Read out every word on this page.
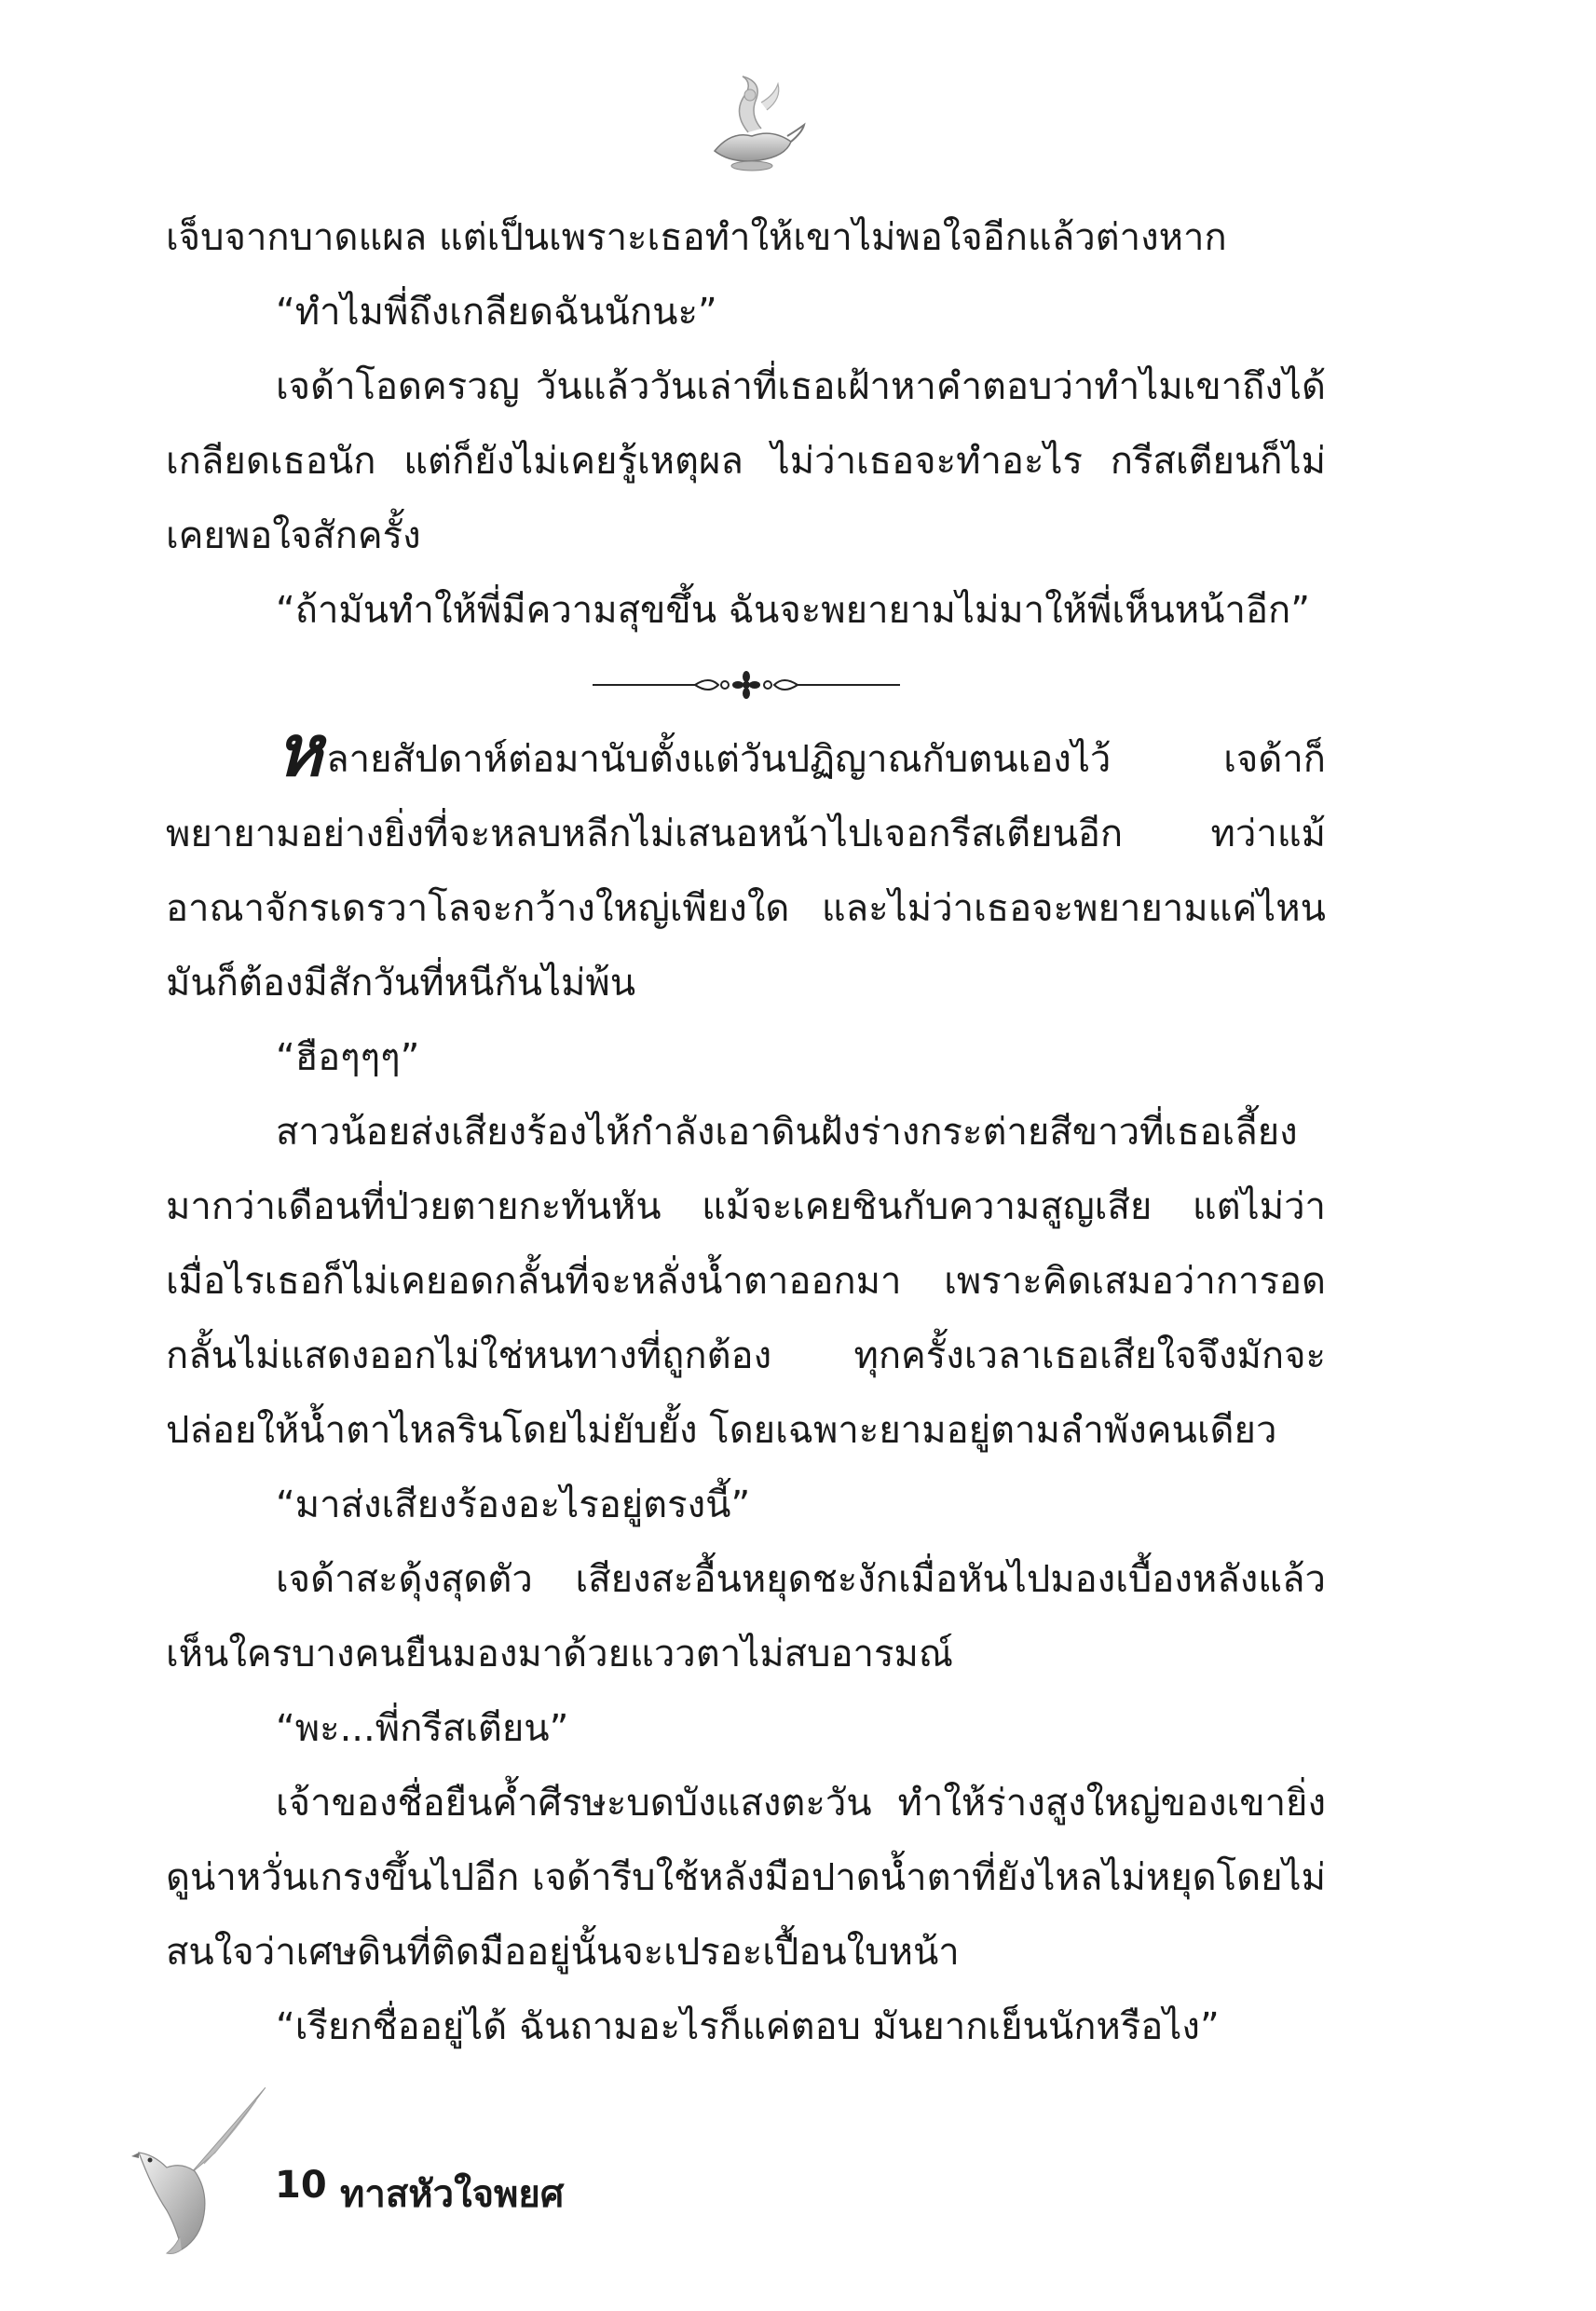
เจ็บจากบาดแผล แต่เป็นเพราะเธอทำให้เขาไม่พอใจอีกแล้วต่างหาก

“ทำไมพี่ถึงเกลียดฉันนักนะ”

เจด้าโอดครวญ วันแล้ววันเล่าที่เธอเฝ้าหาคำตอบว่าทำไมเขาถึงได้เกลียดเธอนัก แต่ก็ยังไม่เคยรู้เหตุผล ไม่ว่าเธอจะทำอะไร กรีสเตียนก็ไม่เคยพอใจสักครั้ง

“ถ้ามันทำให้พี่มีความสุขขึ้น ฉันจะพยายามไม่มาให้พี่เห็นหน้าอีก”

หลายสัปดาห์ต่อมานับตั้งแต่วันปฏิญาณกับตนเองไว้ เจด้าก็พยายามอย่างยิ่งที่จะหลบหลีกไม่เสนอหน้าไปเจอกรีสเตียนอีก ทว่าแม้อาณาจักรเดรวาโลจะกว้างใหญ่เพียงใด และไม่ว่าเธอจะพยายามแค่ไหน มันก็ต้องมีสักวันที่หนีกันไม่พ้น

“ฮือๆๆๆ”

สาวน้อยส่งเสียงร้องไห้กำลังเอาดินฝังร่างกระต่ายสีขาวที่เธอเลี้ยงมากว่าเดือนที่ป่วยตายกะทันหัน แม้จะเคยชินกับความสูญเสีย แต่ไม่ว่าเมื่อไรเธอก็ไม่เคยอดกลั้นที่จะหลั่งน้ำตาออกมา เพราะคิดเสมอว่าการอดกลั้นไม่แสดงออกไม่ใช่หนทางที่ถูกต้อง ทุกครั้งเวลาเธอเสียใจจึงมักจะปล่อยให้น้ำตาไหลรินโดยไม่ยับยั้ง โดยเฉพาะยามอยู่ตามลำพังคนเดียว

“มาส่งเสียงร้องอะไรอยู่ตรงนี้”

เจด้าสะดุ้งสุดตัว เสียงสะอื้นหยุดชะงักเมื่อหันไปมองเบื้องหลังแล้วเห็นใครบางคนยืนมองมาด้วยแววตาไม่สบอารมณ์

“พะ...พี่กรีสเตียน”

เจ้าของชื่อยืนค้ำศีรษะบดบังแสงตะวัน ทำให้ร่างสูงใหญ่ของเขายิ่งดูน่าหวั่นเกรงขึ้นไปอีก เจด้ารีบใช้หลังมือปาดน้ำตาที่ยังไหลไม่หยุดโดยไม่สนใจว่าเศษดินที่ติดมืออยู่นั้นจะเปรอะเปื้อนใบหน้า

“เรียกชื่ออยู่ได้ ฉันถามอะไรก็แค่ตอบ มันยากเย็นนักหรือไง”

10 ทาสหัวใจพยศ
